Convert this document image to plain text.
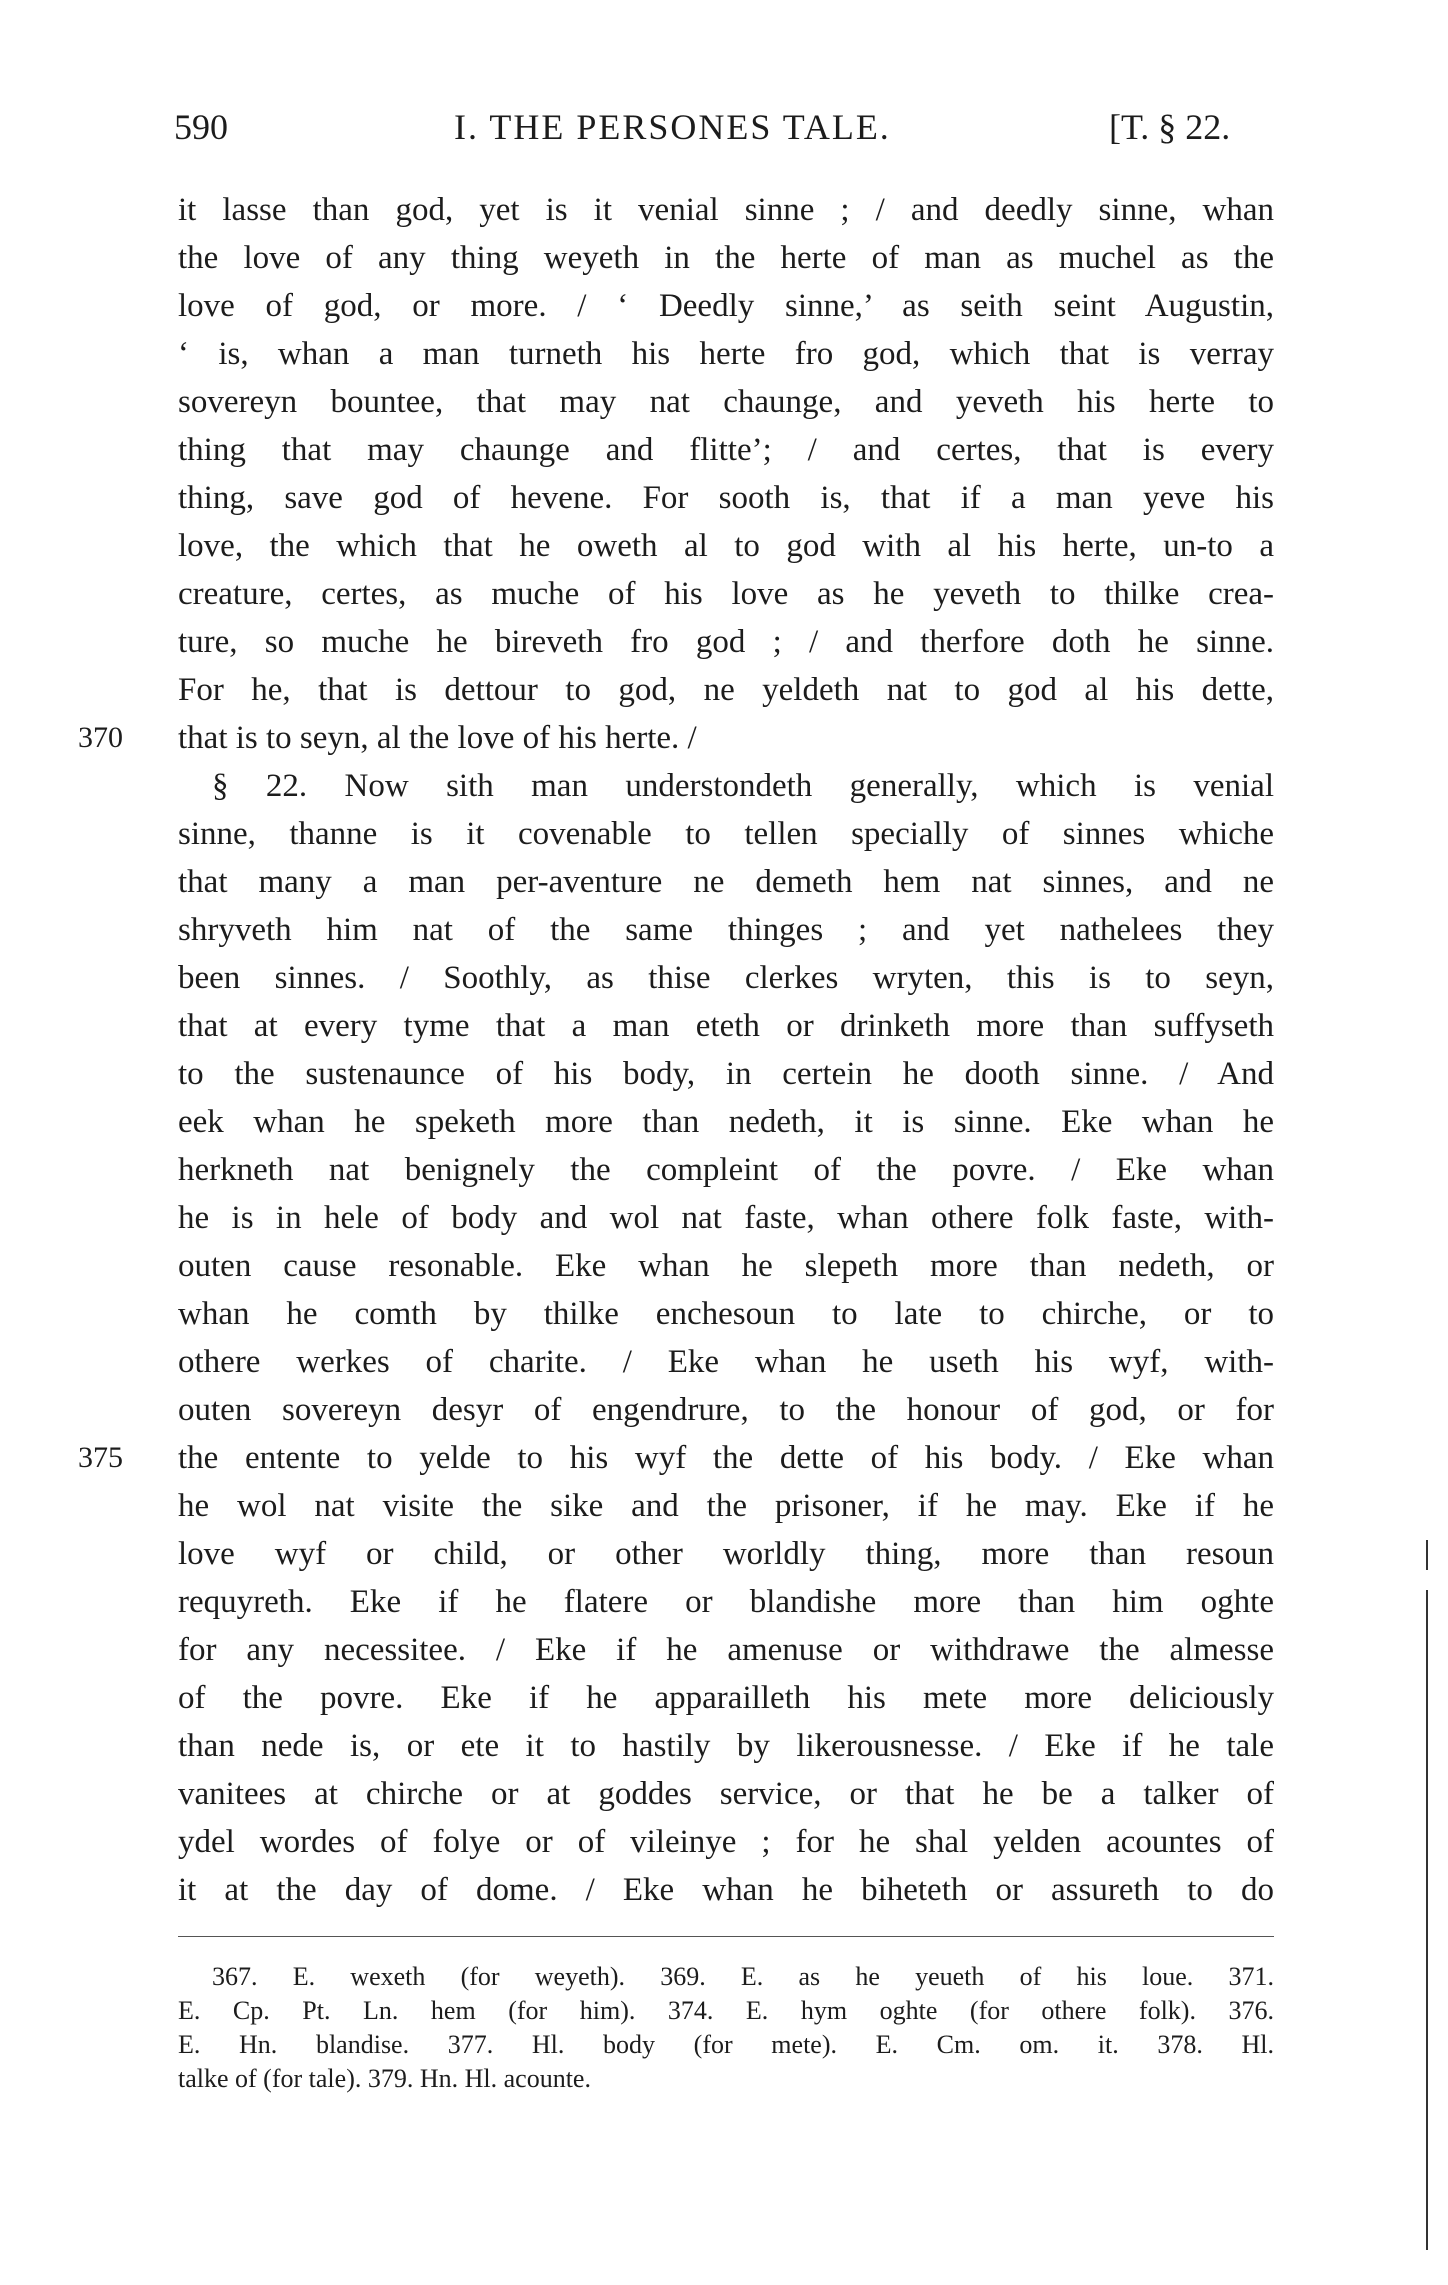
590	I. THE PERSONES TALE.	[T. § 22.
it lasse than god, yet is it venial sinne ; / and deedly sinne, whan
the love of any thing weyeth in the herte of man as muchel as the
love of god, or more. / ‘ Deedly sinne,’ as seith seint Augustin,
‘ is, whan a man turneth his herte fro god, which that is verray
sovereyn bountee, that may nat chaunge, and yeveth his herte to
thing that may chaunge and flitte’; / and certes, that is every
thing, save god of hevene. For sooth is, that if a man yeve his
love, the which that he oweth al to god with al his herte, un-to a
creature, certes, as muche of his love as he yeveth to thilke crea-
ture, so muche he bireveth fro god ; / and therfore doth he sinne.
For he, that is dettour to god, ne yeldeth nat to god al his dette,
that is to seyn, al the love of his herte. /
370
§ 22. Now sith man understondeth generally, which is venial
sinne, thanne is it covenable to tellen specially of sinnes whiche
that many a man per-aventure ne demeth hem nat sinnes, and ne
shryveth him nat of the same thinges ; and yet nathelees they
been sinnes. / Soothly, as thise clerkes wryten, this is to seyn,
that at every tyme that a man eteth or drinketh more than suffyseth
to the sustenaunce of his body, in certein he dooth sinne. / And
eek whan he speketh more than nedeth, it is sinne. Eke whan he
herkneth nat benignely the compleint of the povre. / Eke whan
he is in hele of body and wol nat faste, whan othere folk faste, with-
outen cause resonable. Eke whan he slepeth more than nedeth, or
whan he comth by thilke enchesoun to late to chirche, or to
othere werkes of charite. / Eke whan he useth his wyf, with-
outen sovereyn desyr of engendrure, to the honour of god, or for
the entente to yelde to his wyf the dette of his body. / Eke whan
375
he wol nat visite the sike and the prisoner, if he may. Eke if he
love wyf or child, or other worldly thing, more than resoun
requyreth. Eke if he flatere or blandishe more than him oghte
for any necessitee. / Eke if he amenuse or withdrawe the almesse
of the povre. Eke if he apparailleth his mete more deliciously
than nede is, or ete it to hastily by likerousnesse. / Eke if he tale
vanitees at chirche or at goddes service, or that he be a talker of
ydel wordes of folye or of vileinye ; for he shal yelden acountes of
it at the day of dome. / Eke whan he biheteth or assureth to do
367. E. wexeth (for weyeth). 369. E. as he yeueth of his loue. 371.
E. Cp. Pt. Ln. hem (for him). 374. E. hym oghte (for othere folk). 376.
E. Hn. blandise. 377. Hl. body (for mete). E. Cm. om. it. 378. Hl.
talke of (for tale). 379. Hn. Hl. acounte.
